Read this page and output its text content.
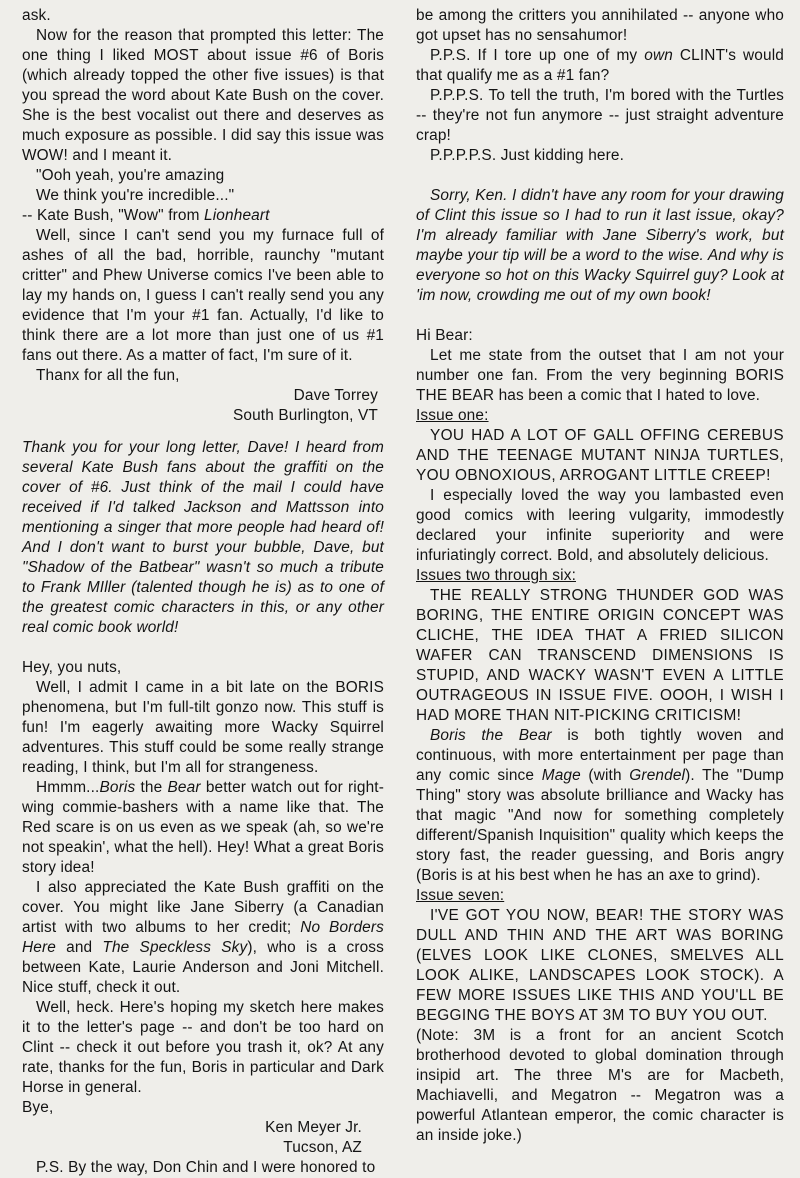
ask.

Now for the reason that prompted this letter: The one thing I liked MOST about issue #6 of Boris (which already topped the other five issues) is that you spread the word about Kate Bush on the cover. She is the best vocalist out there and deserves as much exposure as possible. I did say this issue was WOW! and I meant it.

"Ooh yeah, you're amazing

We think you're incredible..."

-- Kate Bush, "Wow" from Lionheart

Well, since I can't send you my furnace full of ashes of all the bad, horrible, raunchy "mutant critter" and Phew Universe comics I've been able to lay my hands on, I guess I can't really send you any evidence that I'm your #1 fan. Actually, I'd like to think there are a lot more than just one of us #1 fans out there. As a matter of fact, I'm sure of it.

Thanx for all the fun,

Dave Torrey

South Burlington, VT

Thank you for your long letter, Dave! I heard from several Kate Bush fans about the graffiti on the cover of #6. Just think of the mail I could have received if I'd talked Jackson and Mattsson into mentioning a singer that more people had heard of! And I don't want to burst your bubble, Dave, but "Shadow of the Batbear" wasn't so much a tribute to Frank MIller (talented though he is) as to one of the greatest comic characters in this, or any other real comic book world!

Hey, you nuts,

Well, I admit I came in a bit late on the BORIS phenomena, but I'm full-tilt gonzo now. This stuff is fun! I'm eagerly awaiting more Wacky Squirrel adventures. This stuff could be some really strange reading, I think, but I'm all for strangeness.

Hmmm...Boris the Bear better watch out for right-wing commie-bashers with a name like that. The Red scare is on us even as we speak (ah, so we're not speakin', what the hell). Hey! What a great Boris story idea!

I also appreciated the Kate Bush graffiti on the cover. You might like Jane Siberry (a Canadian artist with two albums to her credit; No Borders Here and The Speckless Sky), who is a cross between Kate, Laurie Anderson and Joni Mitchell. Nice stuff, check it out.

Well, heck. Here's hoping my sketch here makes it to the letter's page -- and don't be too hard on Clint -- check it out before you trash it, ok? At any rate, thanks for the fun, Boris in particular and Dark Horse in general.

Bye,

Ken Meyer Jr.

Tucson, AZ

P.S. By the way, Don Chin and I were honored to

be among the critters you annihilated -- anyone who got upset has no sensahumor!

P.P.S. If I tore up one of my own CLINT's would that qualify me as a #1 fan?

P.P.P.S. To tell the truth, I'm bored with the Turtles -- they're not fun anymore -- just straight adventure crap!

P.P.P.P.S. Just kidding here.

Sorry, Ken. I didn't have any room for your drawing of Clint this issue so I had to run it last issue, okay? I'm already familiar with Jane Siberry's work, but maybe your tip will be a word to the wise. And why is everyone so hot on this Wacky Squirrel guy? Look at 'im now, crowding me out of my own book!

Hi Bear:

Let me state from the outset that I am not your number one fan. From the very beginning BORIS THE BEAR has been a comic that I hated to love.

Issue one:

YOU HAD A LOT OF GALL OFFING CEREBUS AND THE TEENAGE MUTANT NINJA TURTLES, YOU OBNOXIOUS, ARROGANT LITTLE CREEP!

I especially loved the way you lambasted even good comics with leering vulgarity, immodestly declared your infinite superiority and were infuriatingly correct. Bold, and absolutely delicious.

Issues two through six:

THE REALLY STRONG THUNDER GOD WAS BORING, THE ENTIRE ORIGIN CONCEPT WAS CLICHE, THE IDEA THAT A FRIED SILICON WAFER CAN TRANSCEND DIMENSIONS IS STUPID, AND WACKY WASN'T EVEN A LITTLE OUTRAGEOUS IN ISSUE FIVE. OOOH, I WISH I HAD MORE THAN NIT-PICKING CRITICISM!

Boris the Bear is both tightly woven and continuous, with more entertainment per page than any comic since Mage (with Grendel). The "Dump Thing" story was absolute brilliance and Wacky has that magic "And now for something completely different/Spanish Inquisition" quality which keeps the story fast, the reader guessing, and Boris angry (Boris is at his best when he has an axe to grind).

Issue seven:

I'VE GOT YOU NOW, BEAR! THE STORY WAS DULL AND THIN AND THE ART WAS BORING (ELVES LOOK LIKE CLONES, SMELVES ALL LOOK ALIKE, LANDSCAPES LOOK STOCK). A FEW MORE ISSUES LIKE THIS AND YOU'LL BE BEGGING THE BOYS AT 3M TO BUY YOU OUT.

(Note: 3M is a front for an ancient Scotch brotherhood devoted to global domination through insipid art. The three M's are for Macbeth, Machiavelli, and Megatron -- Megatron was a powerful Atlantean emperor, the comic character is an inside joke.)
